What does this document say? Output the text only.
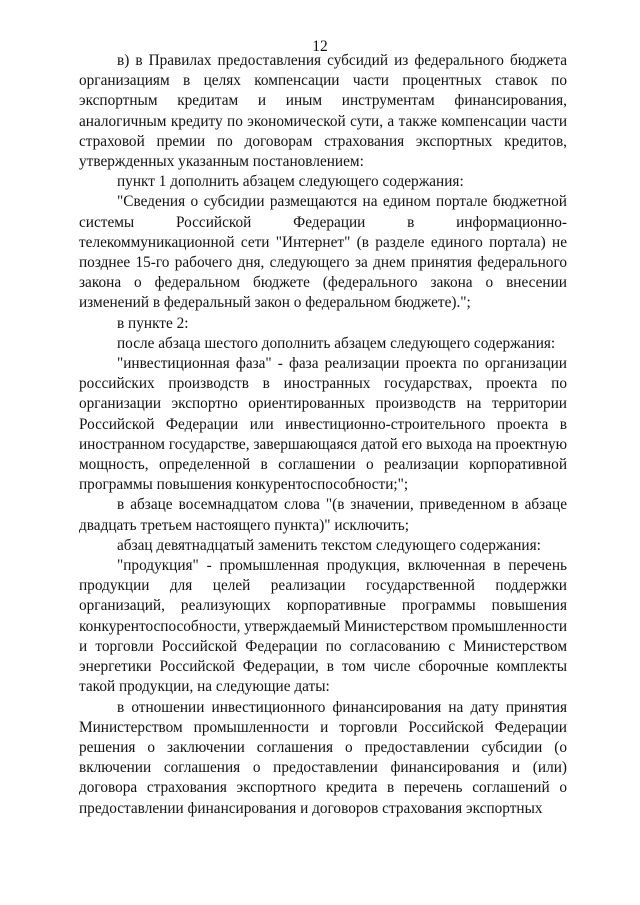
12

в) в Правилах предоставления субсидий из федерального бюджета организациям в целях компенсации части процентных ставок по экспортным кредитам и иным инструментам финансирования, аналогичным кредиту по экономической сути, а также компенсации части страховой премии по договорам страхования экспортных кредитов, утвержденных указанным постановлением:

пункт 1 дополнить абзацем следующего содержания:

"Сведения о субсидии размещаются на едином портале бюджетной системы Российской Федерации в информационно-телекоммуникационной сети "Интернет" (в разделе единого портала) не позднее 15-го рабочего дня, следующего за днем принятия федерального закона о федеральном бюджете (федерального закона о внесении изменений в федеральный закон о федеральном бюджете).";

в пункте 2:

после абзаца шестого дополнить абзацем следующего содержания:

"инвестиционная фаза" - фаза реализации проекта по организации российских производств в иностранных государствах, проекта по организации экспортно ориентированных производств на территории Российской Федерации или инвестиционно-строительного проекта в иностранном государстве, завершающаяся датой его выхода на проектную мощность, определенной в соглашении о реализации корпоративной программы повышения конкурентоспособности;";

в абзаце восемнадцатом слова "(в значении, приведенном в абзаце двадцать третьем настоящего пункта)" исключить;

абзац девятнадцатый заменить текстом следующего содержания:

"продукция" - промышленная продукция, включенная в перечень продукции для целей реализации государственной поддержки организаций, реализующих корпоративные программы повышения конкурентоспособности, утверждаемый Министерством промышленности и торговли Российской Федерации по согласованию с Министерством энергетики Российской Федерации, в том числе сборочные комплекты такой продукции, на следующие даты:

в отношении инвестиционного финансирования на дату принятия Министерством промышленности и торговли Российской Федерации решения о заключении соглашения о предоставлении субсидии (о включении соглашения о предоставлении финансирования и (или) договора страхования экспортного кредита в перечень соглашений о предоставлении финансирования и договоров страхования экспортных
